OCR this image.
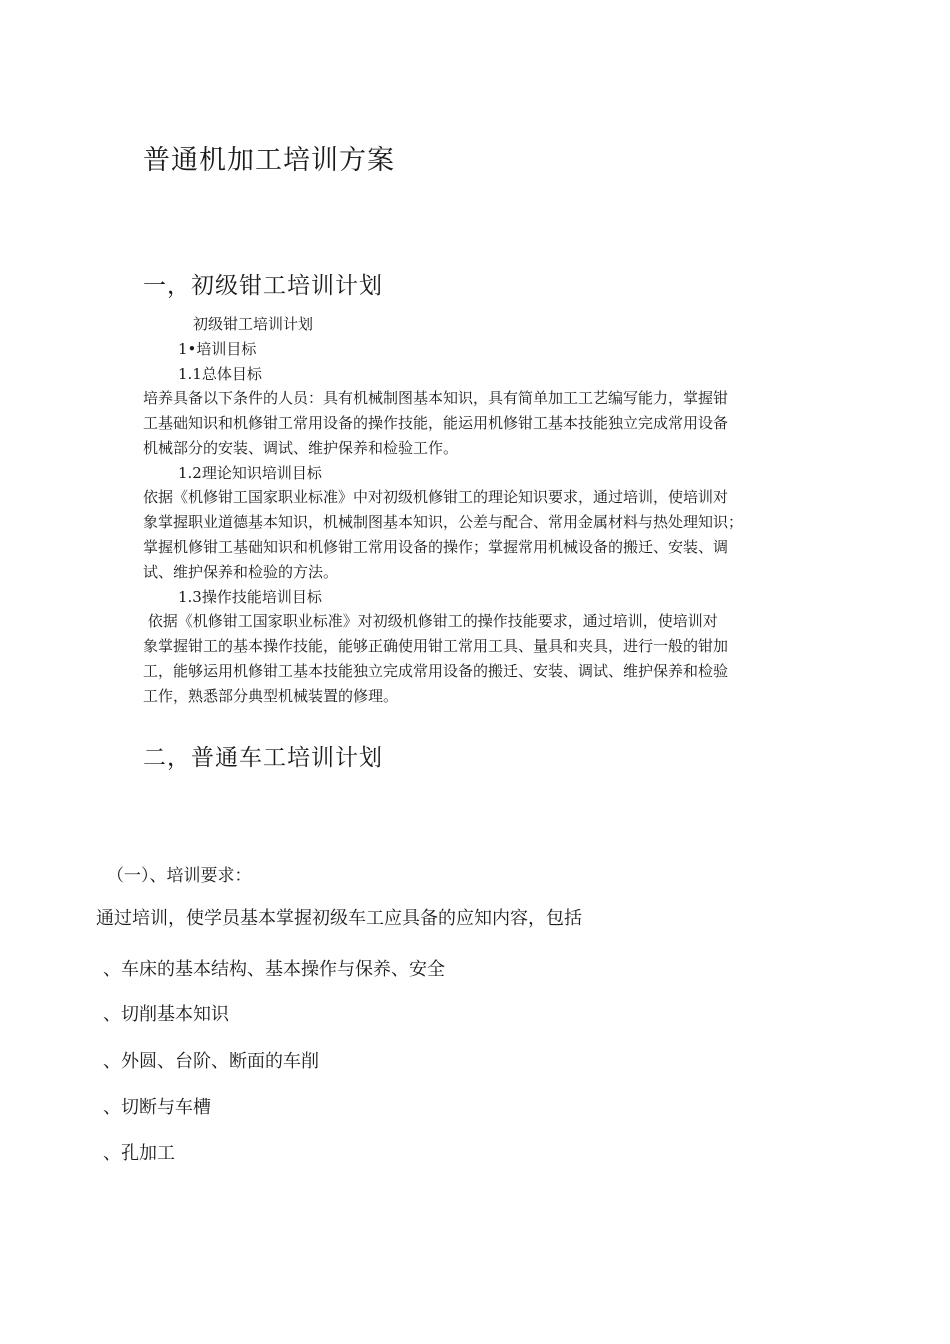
普通机加工培训方案
一，初级钳工培训计划
初级钳工培训计划
1•培训目标
1.1总体目标
培养具备以下条件的人员：具有机械制图基本知识，具有简单加工工艺编写能力，掌握钳
工基础知识和机修钳工常用设备的操作技能，能运用机修钳工基本技能独立完成常用设备
机械部分的安装、调试、维护保养和检验工作。
1.2理论知识培训目标
依据《机修钳工国家职业标准》中对初级机修钳工的理论知识要求，通过培训，使培训对
象掌握职业道德基本知识，机械制图基本知识，公差与配合、常用金属材料与热处理知识；
掌握机修钳工基础知识和机修钳工常用设备的操作；掌握常用机械设备的搬迁、安装、调
试、维护保养和检验的方法。
1.3操作技能培训目标
依据《机修钳工国家职业标准》对初级机修钳工的操作技能要求，通过培训，使培训对
象掌握钳工的基本操作技能，能够正确使用钳工常用工具、量具和夹具，进行一般的钳加
工，能够运用机修钳工基本技能独立完成常用设备的搬迁、安装、调试、维护保养和检验
工作，熟悉部分典型机械装置的修理。
二，普通车工培训计划
（一）、培训要求：
通过培训，使学员基本掌握初级车工应具备的应知内容，包括
、车床的基本结构、基本操作与保养、安全
、切削基本知识
、外圆、台阶、断面的车削
、切断与车槽
、孔加工
